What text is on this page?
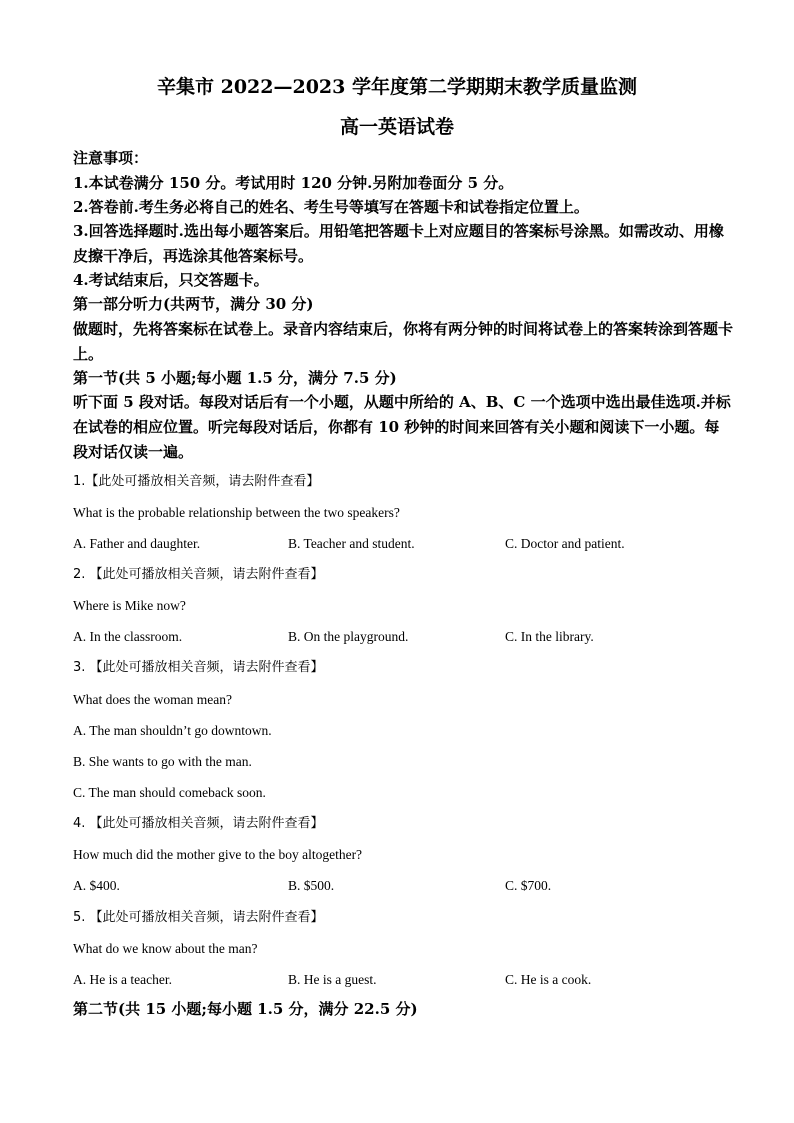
辛集市 2022—2023 学年度第二学期期末教学质量监测
高一英语试卷
注意事项：
1.本试卷满分 150 分。考试用时 120 分钟.另附加卷面分 5 分。
2.答卷前.考生务必将自己的姓名、考生号等填写在答题卡和试卷指定位置上。
3.回答选择题时.选出每小题答案后。用铅笔把答题卡上对应题目的答案标号涂黑。如需改动、用橡皮擦干净后，再选涂其他答案标号。
4.考试结束后，只交答题卡。
第一部分听力(共两节，满分 30 分)
做题时，先将答案标在试卷上。录音内容结束后，你将有两分钟的时间将试卷上的答案转涂到答题卡上。
第一节(共 5 小题;每小题 1.5 分，满分 7.5 分)
听下面 5 段对话。每段对话后有一个小题，从题中所给的 A、B、C 一个选项中选出最佳选项.并标在试卷的相应位置。听完每段对话后，你都有 10 秒钟的时间来回答有关小题和阅读下一小题。每段对话仅读一遍。
1.【此处可播放相关音频，请去附件查看】
What is the probable relationship between the two speakers?
A. Father and daughter.	B. Teacher and student.	C. Doctor and patient.
2. 【此处可播放相关音频，请去附件查看】
Where is Mike now?
A. In the classroom.	B. On the playground.	C. In the library.
3. 【此处可播放相关音频，请去附件查看】
What does the woman mean?
A. The man shouldn’t go downtown.
B. She wants to go with the man.
C. The man should comeback soon.
4. 【此处可播放相关音频，请去附件查看】
How much did the mother give to the boy altogether?
A. $400.	B. $500.	C. $700.
5. 【此处可播放相关音频，请去附件查看】
What do we know about the man?
A. He is a teacher.	B. He is a guest.	C. He is a cook.
第二节(共 15 小题;每小题 1.5 分，满分 22.5 分)
